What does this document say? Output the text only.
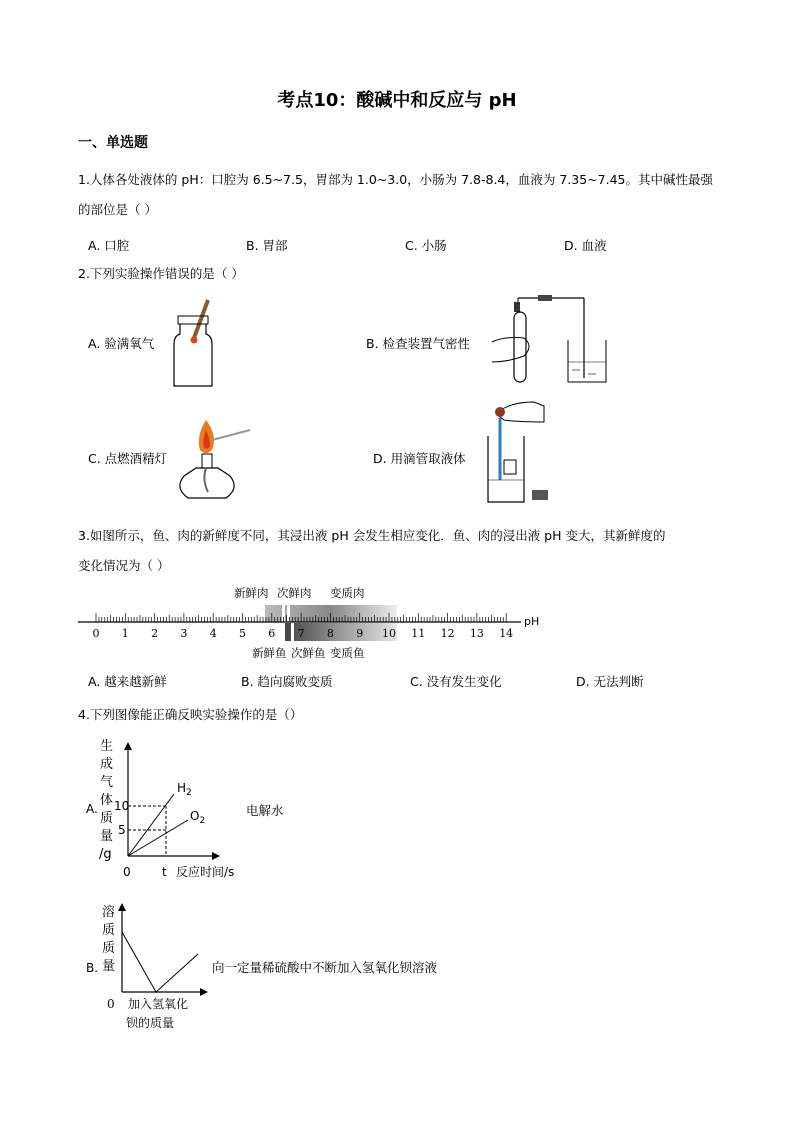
考点10：酸碱中和反应与 pH
一、单选题
1.人体各处液体的 pH：口腔为 6.5~7.5，胃部为 1.0~3.0，小肠为 7.8-8.4，血液为 7.35~7.45。其中碱性最强
的部位是（ ）
A. 口腔	B. 胃部	C. 小肠	D. 血液
2.下列实验操作错误的是（ ）
A. 验满氧气	B. 检查装置气密性
C. 点燃酒精灯	D. 用滴管取液体
3.如图所示，鱼、肉的新鲜度不同，其浸出液 pH 会发生相应变化．鱼、肉的浸出液 pH 变大，其新鲜度的
变化情况为（ ）
新鲜肉 次鲜肉 变质肉
新鲜鱼 次鲜鱼 变质鱼
0 1 2 3 4 5 6 7 8 9 10 11 12 13 14
pH
A. 越来越新鲜	B. 趋向腐败变质	C. 没有发生变化	D. 无法判断
4.下列图像能正确反映实验操作的是（）
A.
生
成
气
体
质
量
/g
10
5
0	t
$H_2$
$O_2$
反应时间/s
电解水
B.
溶
质
质
量
0 加入氢氧化
钡的质量
向一定量稀硫酸中不断加入氢氧化钡溶液
